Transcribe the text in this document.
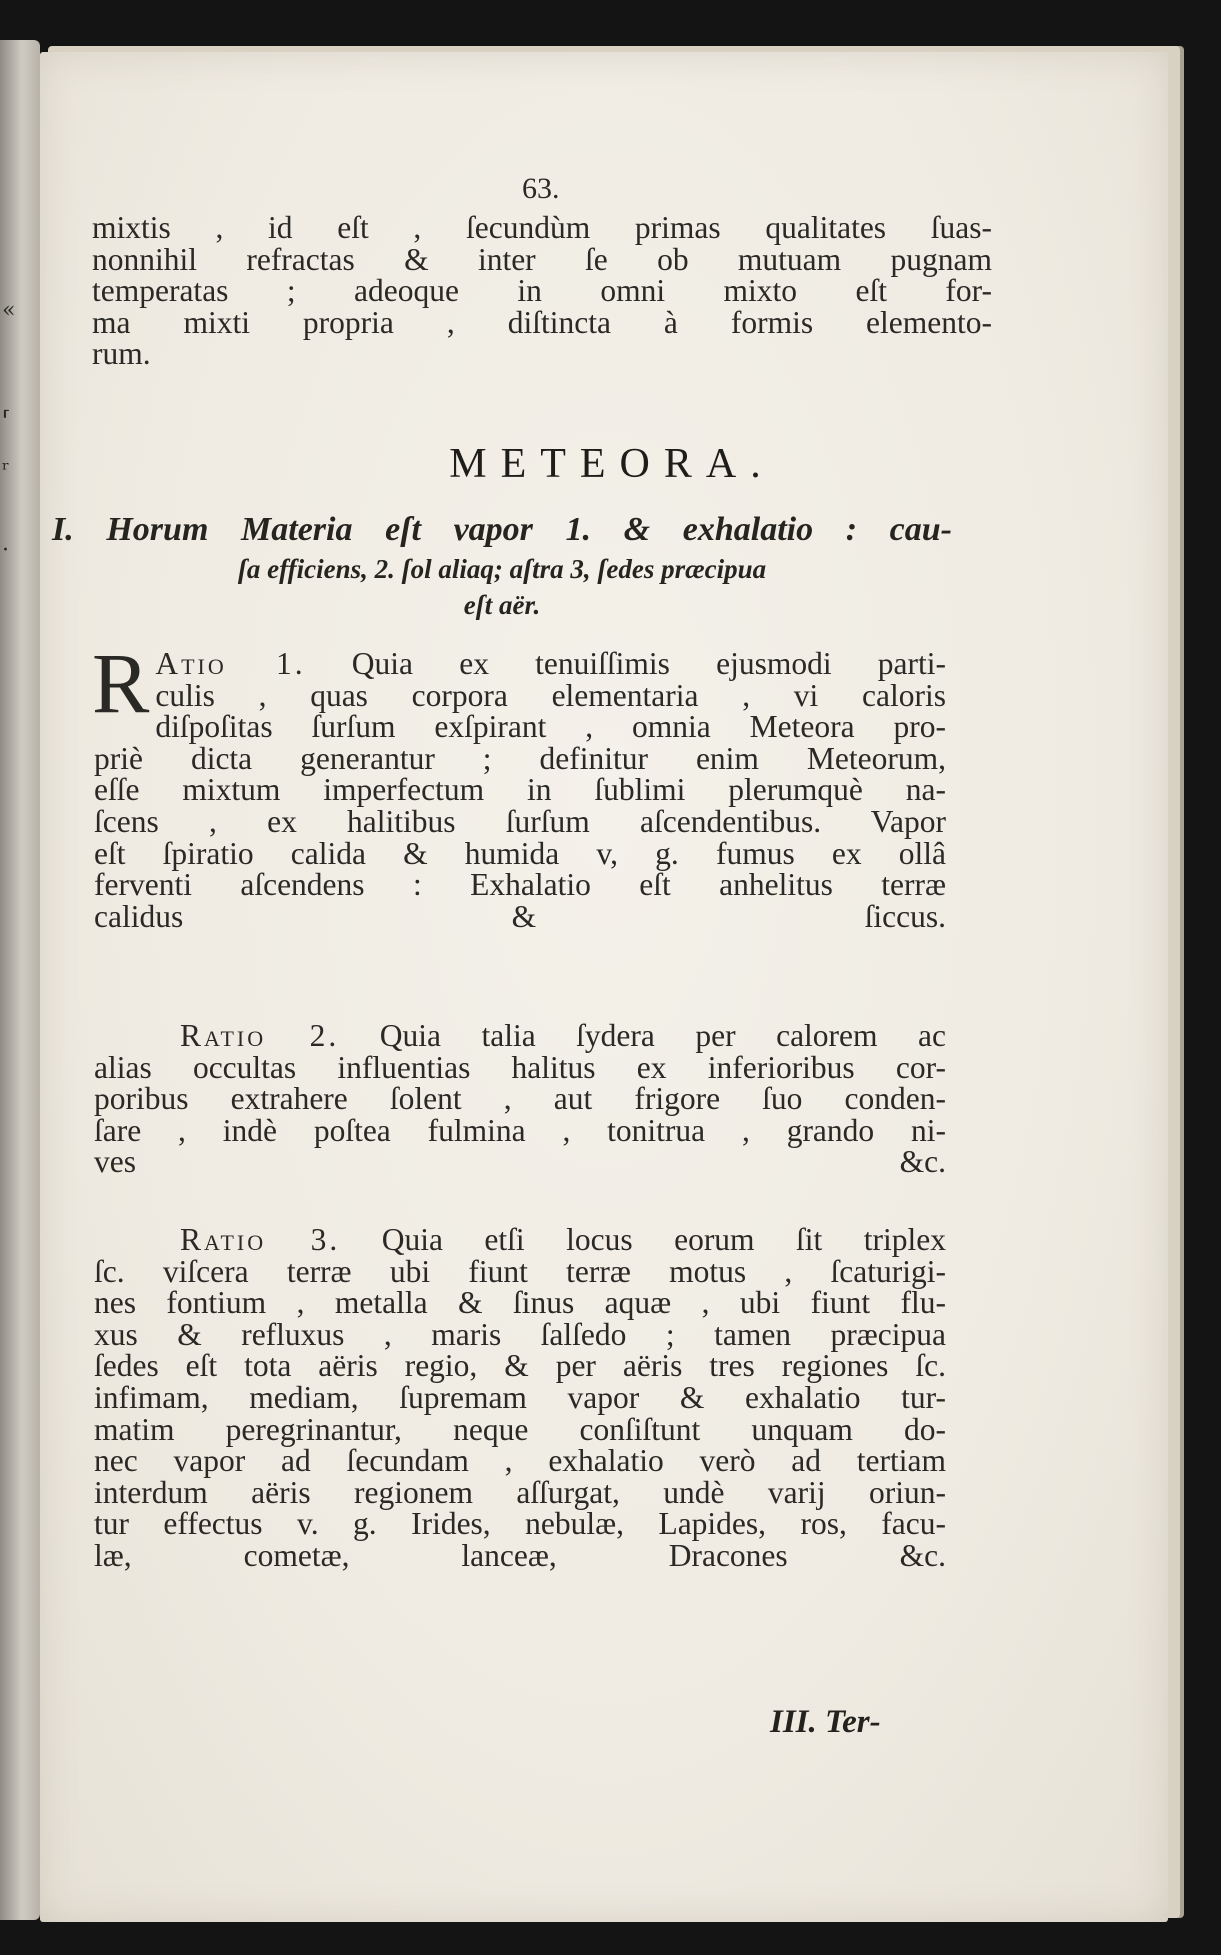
«
⸢
ʳ
·
63.
mixtis , id eſt , ſecundùm primas qualitates ſuas-
nonnihil refractas & inter ſe ob mutuam pugnam
temperatas ; adeoque in omni mixto eſt for-
ma mixti propria , diſtincta à formis elemento-
rum.
METEORA.
I. Horum Materia eſt vapor 1. & exhalatio : cau-
ſa efficiens, 2. ſol aliaq; aſtra 3, ſedes præcipua
eſt aër.
R Atio 1. Quia ex tenuiſſimis ejusmodi parti-
culis , quas corpora elementaria , vi caloris
diſpoſitas ſurſum exſpirant , omnia Meteora pro-
priè dicta generantur ; definitur enim Meteorum,
eſſe mixtum imperfectum in ſublimi plerumquè na-
ſcens , ex halitibus ſurſum aſcendentibus. Vapor
eſt ſpiratio calida & humida v, g. fumus ex ollâ
ferventi aſcendens : Exhalatio eſt anhelitus terræ
calidus & ſiccus.
Ratio 2. Quia talia ſydera per calorem ac
alias occultas influentias halitus ex inferioribus cor-
poribus extrahere ſolent , aut frigore ſuo conden-
ſare , indè poſtea fulmina , tonitrua , grando ni-
ves &c.
Ratio 3. Quia etſi locus eorum ſit triplex
ſc. viſcera terræ ubi fiunt terræ motus , ſcaturigi-
nes fontium , metalla & ſinus aquæ , ubi fiunt flu-
xus & refluxus , maris ſalſedo ; tamen præcipua
ſedes eſt tota aëris regio, & per aëris tres regiones ſc.
infimam, mediam, ſupremam vapor & exhalatio tur-
matim peregrinantur, neque conſiſtunt unquam do-
nec vapor ad ſecundam , exhalatio verò ad tertiam
interdum aëris regionem aſſurgat, undè varij oriun-
tur effectus v. g. Irides, nebulæ, Lapides, ros, facu-
læ, cometæ, lanceæ, Dracones &c.
III. Ter-
